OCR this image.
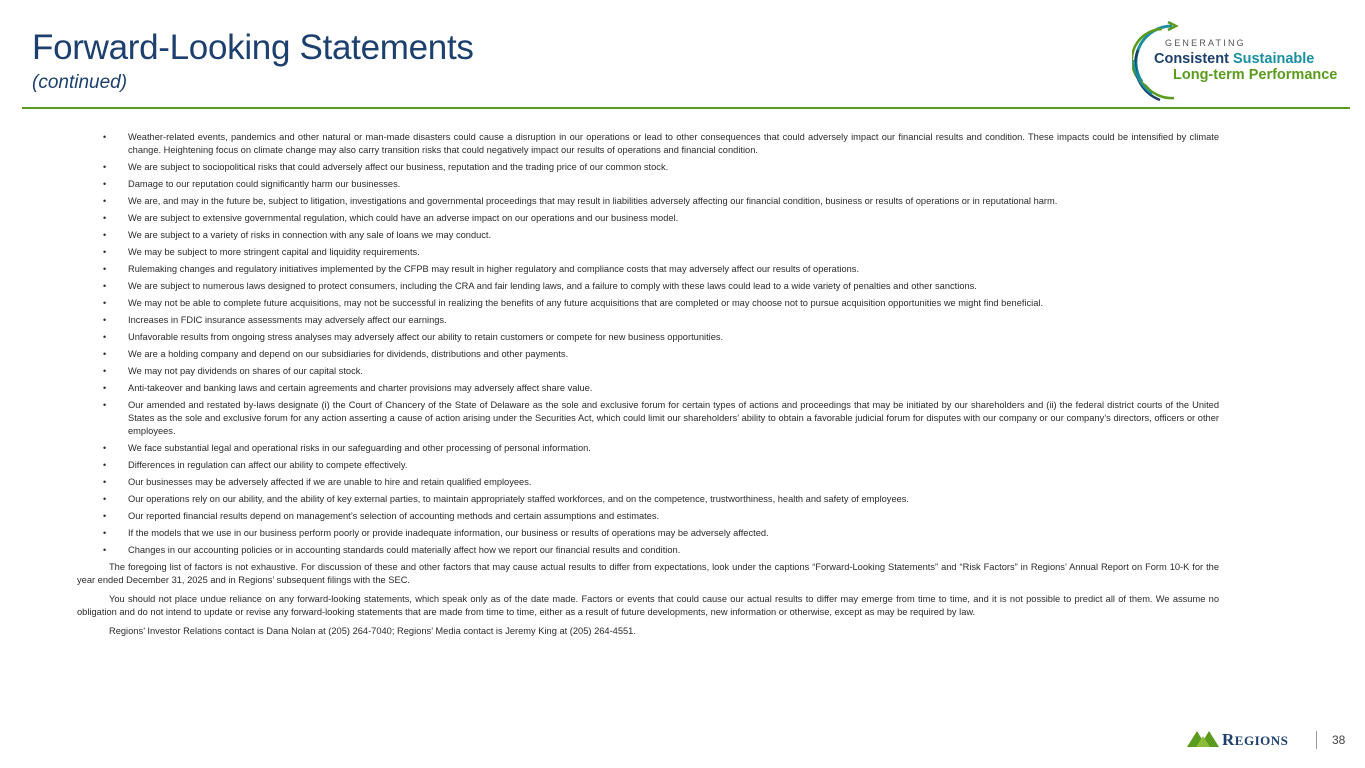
Forward-Looking Statements
(continued)
GENERATING
Consistent Sustainable
Long-term Performance
• Weather-related events, pandemics and other natural or man-made disasters could cause a disruption in our operations or lead to other consequences that could adversely impact our financial results and condition. These impacts could be intensified by climate change. Heightening focus on climate change may also carry transition risks that could negatively impact our results of operations and financial condition.
• We are subject to sociopolitical risks that could adversely affect our business, reputation and the trading price of our common stock.
• Damage to our reputation could significantly harm our businesses.
• We are, and may in the future be, subject to litigation, investigations and governmental proceedings that may result in liabilities adversely affecting our financial condition, business or results of operations or in reputational harm.
• We are subject to extensive governmental regulation, which could have an adverse impact on our operations and our business model.
• We are subject to a variety of risks in connection with any sale of loans we may conduct.
• We may be subject to more stringent capital and liquidity requirements.
• Rulemaking changes and regulatory initiatives implemented by the CFPB may result in higher regulatory and compliance costs that may adversely affect our results of operations.
• We are subject to numerous laws designed to protect consumers, including the CRA and fair lending laws, and a failure to comply with these laws could lead to a wide variety of penalties and other sanctions.
• We may not be able to complete future acquisitions, may not be successful in realizing the benefits of any future acquisitions that are completed or may choose not to pursue acquisition opportunities we might find beneficial.
• Increases in FDIC insurance assessments may adversely affect our earnings.
• Unfavorable results from ongoing stress analyses may adversely affect our ability to retain customers or compete for new business opportunities.
• We are a holding company and depend on our subsidiaries for dividends, distributions and other payments.
• We may not pay dividends on shares of our capital stock.
• Anti-takeover and banking laws and certain agreements and charter provisions may adversely affect share value.
• Our amended and restated by-laws designate (i) the Court of Chancery of the State of Delaware as the sole and exclusive forum for certain types of actions and proceedings that may be initiated by our shareholders and (ii) the federal district courts of the United States as the sole and exclusive forum for any action asserting a cause of action arising under the Securities Act, which could limit our shareholders’ ability to obtain a favorable judicial forum for disputes with our company or our company’s directors, officers or other employees.
• We face substantial legal and operational risks in our safeguarding and other processing of personal information.
• Differences in regulation can affect our ability to compete effectively.
• Our businesses may be adversely affected if we are unable to hire and retain qualified employees.
• Our operations rely on our ability, and the ability of key external parties, to maintain appropriately staffed workforces, and on the competence, trustworthiness, health and safety of employees.
• Our reported financial results depend on management’s selection of accounting methods and certain assumptions and estimates.
• If the models that we use in our business perform poorly or provide inadequate information, our business or results of operations may be adversely affected.
• Changes in our accounting policies or in accounting standards could materially affect how we report our financial results and condition.

The foregoing list of factors is not exhaustive. For discussion of these and other factors that may cause actual results to differ from expectations, look under the captions “Forward-Looking Statements” and “Risk Factors” in Regions’ Annual Report on Form 10-K for the year ended December 31, 2025 and in Regions’ subsequent filings with the SEC.

You should not place undue reliance on any forward-looking statements, which speak only as of the date made. Factors or events that could cause our actual results to differ may emerge from time to time, and it is not possible to predict all of them. We assume no obligation and do not intend to update or revise any forward-looking statements that are made from time to time, either as a result of future developments, new information or otherwise, except as may be required by law.

Regions’ Investor Relations contact is Dana Nolan at (205) 264-7040; Regions’ Media contact is Jeremy King at (205) 264-4551.

REGIONS	38
